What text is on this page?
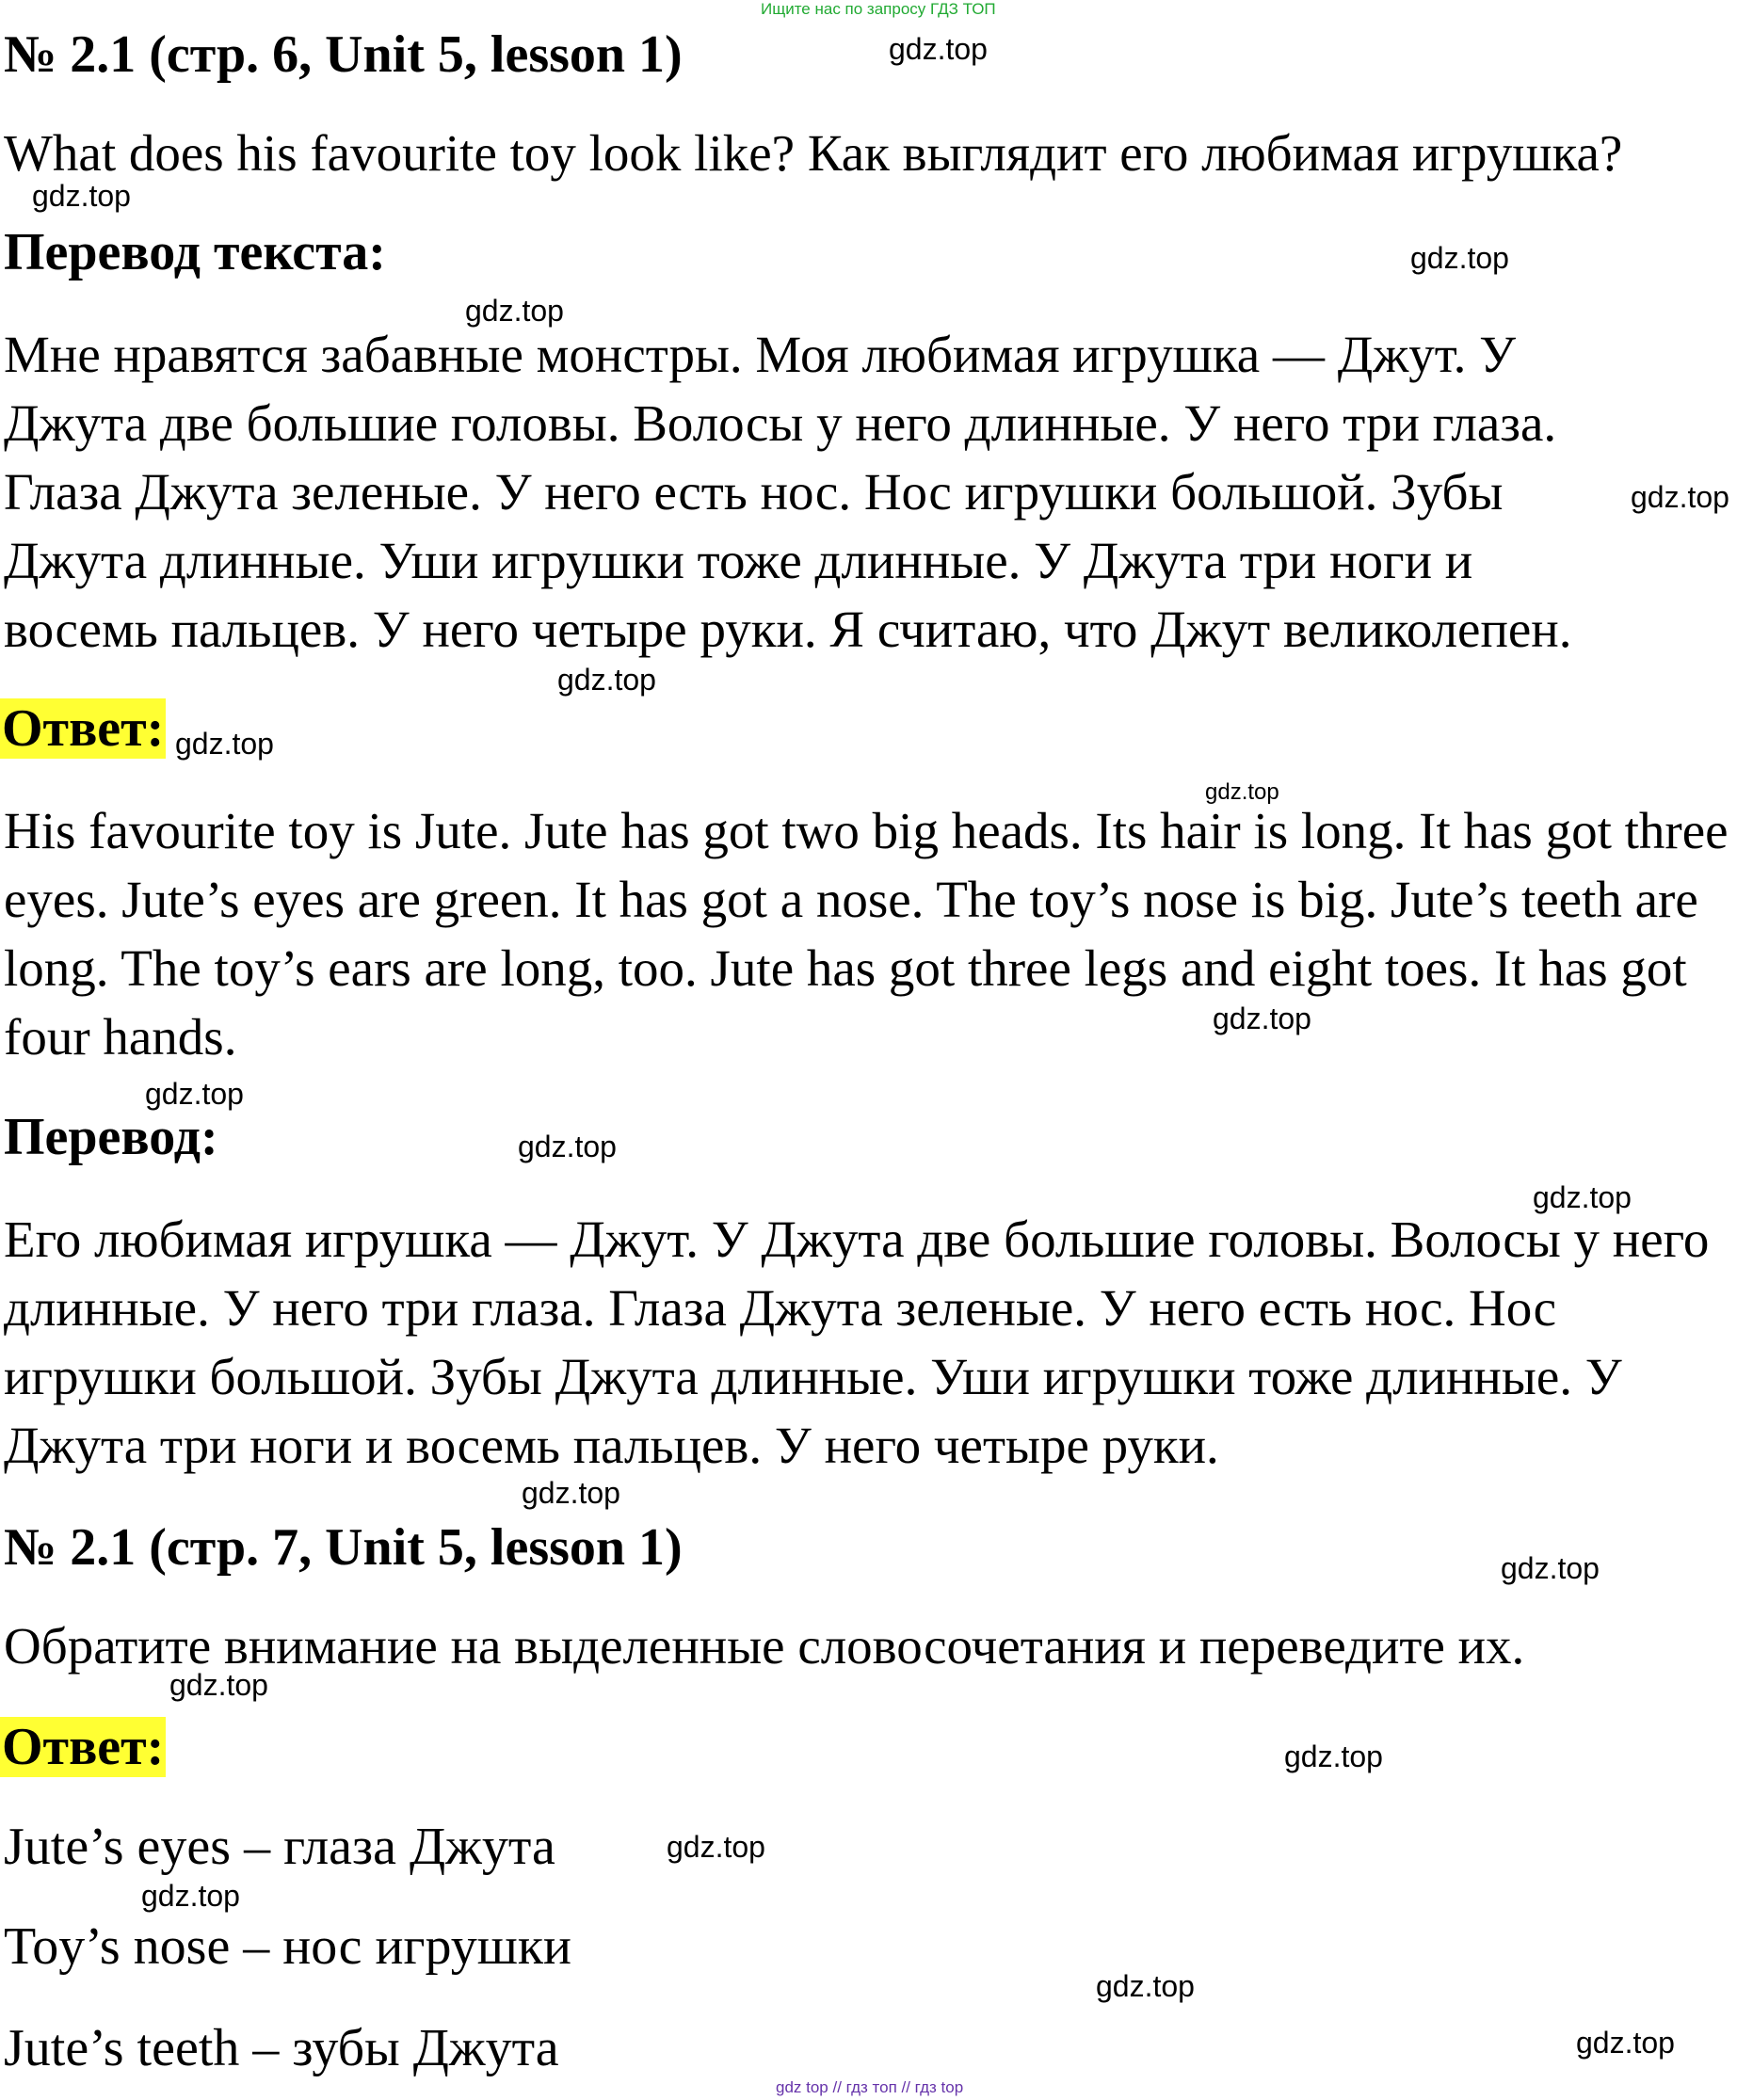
Ищите нас по запросу ГДЗ ТОП
№ 2.1 (стр. 6, Unit 5, lesson 1)	gdz.top
What does his favourite toy look like? Как выглядит его любимая игрушка?
gdz.top
Перевод текста:	gdz.top
gdz.top
Мне нравятся забавные монстры. Моя любимая игрушка — Джут. У Джута две большие головы. Волосы у него длинные. У него три глаза. Глаза Джута зеленые. У него есть нос. Нос игрушки большой. Зубы Джута длинные. Уши игрушки тоже длинные. У Джута три ноги и восемь пальцев. У него четыре руки. Я считаю, что Джут великолепен.
gdz.top
gdz.top
Ответ: gdz.top
gdz.top
His favourite toy is Jute. Jute has got two big heads. Its hair is long. It has got three eyes. Jute’s eyes are green. It has got a nose. The toy’s nose is big. Jute’s teeth are long. The toy’s ears are long, too. Jute has got three legs and eight toes. It has got four hands.	gdz.top
gdz.top
Перевод:	gdz.top
gdz.top
Его любимая игрушка — Джут. У Джута две большие головы. Волосы у него длинные. У него три глаза. Глаза Джута зеленые. У него есть нос. Нос игрушки большой. Зубы Джута длинные. Уши игрушки тоже длинные. У Джута три ноги и восемь пальцев. У него четыре руки.
gdz.top
№ 2.1 (стр. 7, Unit 5, lesson 1)	gdz.top
Обратите внимание на выделенные словосочетания и переведите их.
gdz.top
Ответ:	gdz.top
Jute’s eyes – глаза Джута	gdz.top
gdz.top
Toy’s nose – нос игрушки
gdz.top
Jute’s teeth – зубы Джута	gdz.top
gdz top // гдз топ // гдз top
